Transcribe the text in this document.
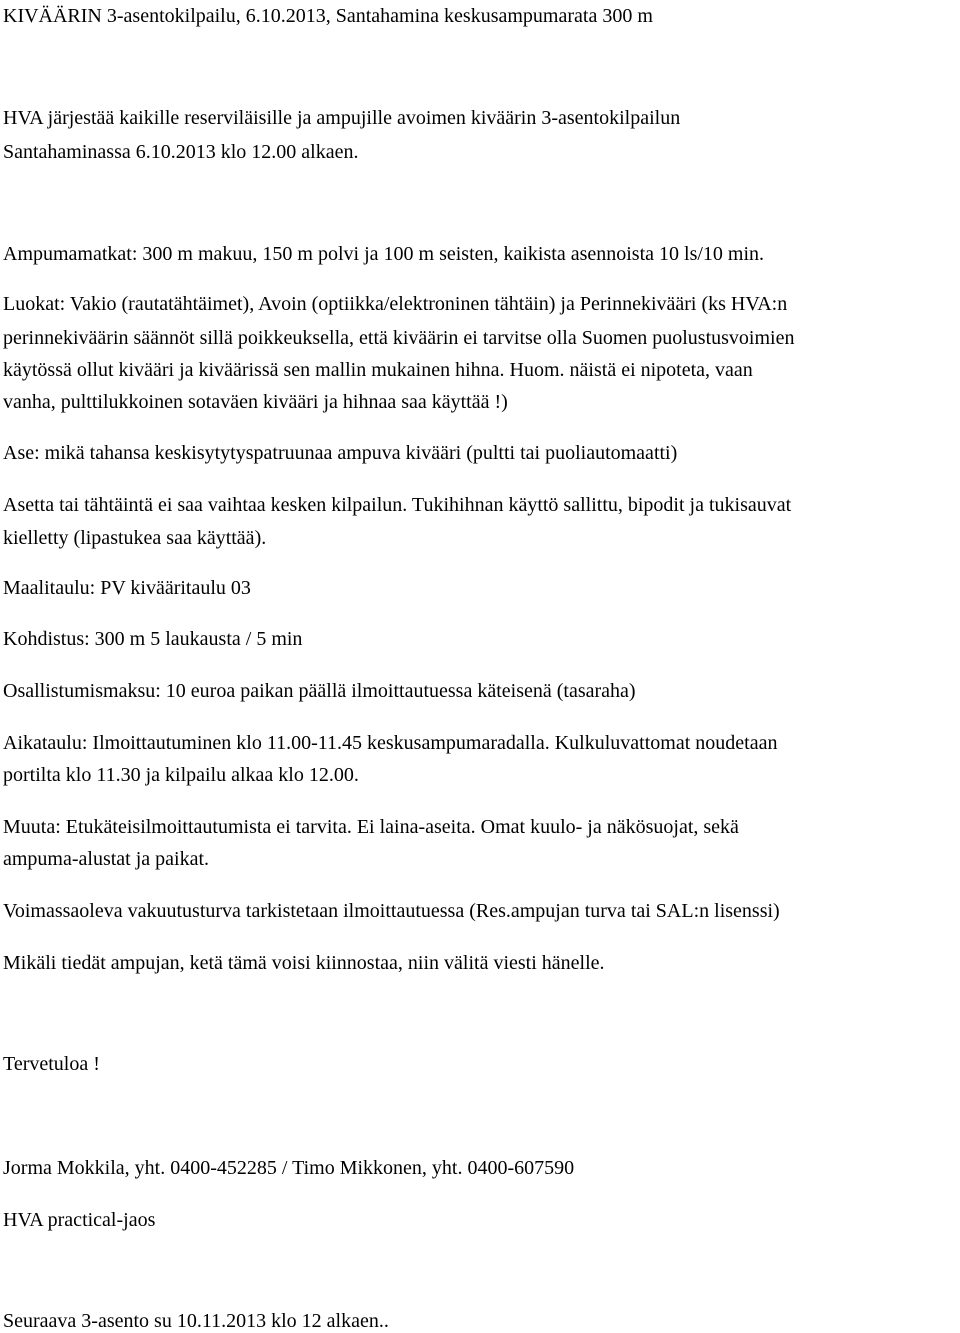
KIVÄÄRIN 3-asentokilpailu, 6.10.2013, Santahamina keskusampumarata 300 m

HVA järjestää kaikille reserviläisille ja ampujille avoimen kiväärin 3-asentokilpailun

Santahaminassa 6.10.2013 klo 12.00 alkaen.

Ampumamatkat: 300 m makuu, 150 m polvi ja 100 m seisten, kaikista asennoista 10 ls/10 min.

Luokat: Vakio (rautatähtäimet), Avoin (optiikka/elektroninen tähtäin) ja Perinnekivääri (ks HVA:n

perinnekiväärin säännöt sillä poikkeuksella, että kiväärin ei tarvitse olla Suomen puolustusvoimien

käytössä ollut kivääri ja kiväärissä sen mallin mukainen hihna. Huom. näistä ei nipoteta, vaan

vanha, pulttilukkoinen sotaväen kivääri ja hihnaa saa käyttää !)

Ase: mikä tahansa keskisytytyspatruunaa ampuva kivääri (pultti tai puoliautomaatti)

Asetta tai tähtäintä ei saa vaihtaa kesken kilpailun. Tukihihnan käyttö sallittu, bipodit ja tukisauvat

kielletty (lipastukea saa käyttää).

Maalitaulu: PV kivääritaulu 03

Kohdistus: 300 m 5 laukausta / 5 min

Osallistumismaksu: 10 euroa paikan päällä ilmoittautuessa käteisenä (tasaraha)

Aikataulu: Ilmoittautuminen klo 11.00-11.45 keskusampumaradalla. Kulkuluvattomat noudetaan

portilta klo 11.30 ja kilpailu alkaa klo 12.00.

Muuta: Etukäteisilmoittautumista ei tarvita. Ei laina-aseita. Omat kuulo- ja näkösuojat, sekä

ampuma-alustat ja paikat.

Voimassaoleva vakuutusturva tarkistetaan ilmoittautuessa (Res.ampujan turva tai SAL:n lisenssi)

Mikäli tiedät ampujan, ketä tämä voisi kiinnostaa, niin välitä viesti hänelle.

Tervetuloa !

Jorma Mokkila, yht. 0400-452285 / Timo Mikkonen, yht. 0400-607590

HVA practical-jaos

Seuraava 3-asento su 10.11.2013 klo 12 alkaen..
